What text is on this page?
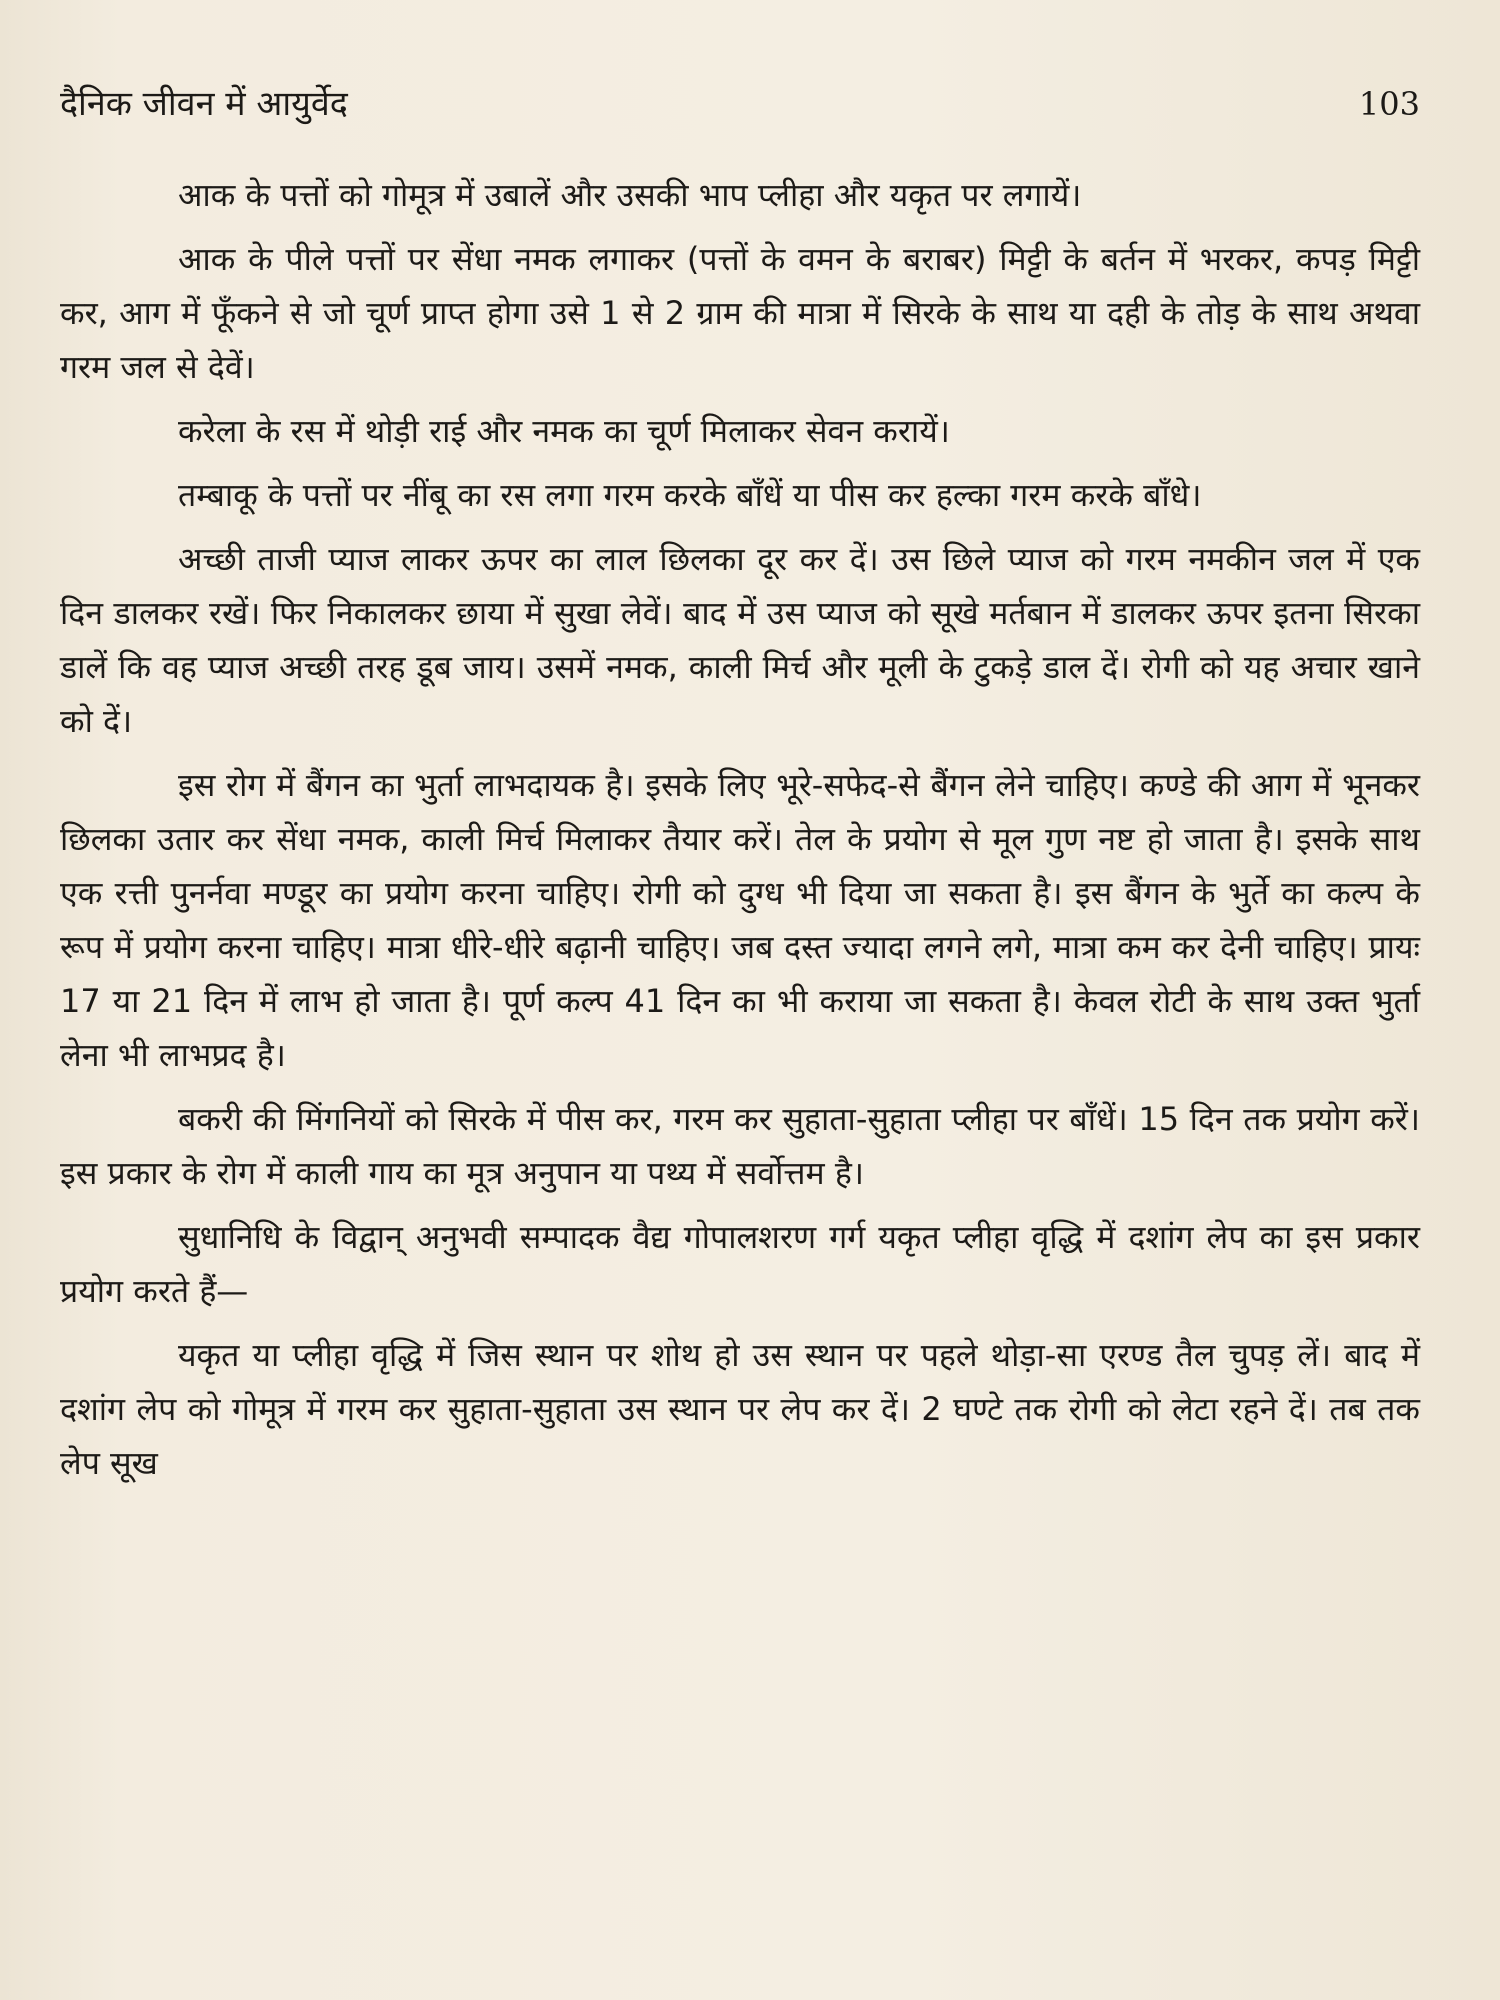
दैनिक जीवन में आयुर्वेद	103

आक के पत्तों को गोमूत्र में उबालें और उसकी भाप प्लीहा और यकृत पर लगायें।

आक के पीले पत्तों पर सेंधा नमक लगाकर (पत्तों के वमन के बराबर) मिट्टी के बर्तन में भरकर, कपड़ मिट्टी कर, आग में फूँकने से जो चूर्ण प्राप्त होगा उसे 1 से 2 ग्राम की मात्रा में सिरके के साथ या दही के तोड़ के साथ अथवा गरम जल से देवें।

करेला के रस में थोड़ी राई और नमक का चूर्ण मिलाकर सेवन करायें।

तम्बाकू के पत्तों पर नींबू का रस लगा गरम करके बाँधें या पीस कर हल्का गरम करके बाँधे।

अच्छी ताजी प्याज लाकर ऊपर का लाल छिलका दूर कर दें। उस छिले प्याज को गरम नमकीन जल में एक दिन डालकर रखें। फिर निकालकर छाया में सुखा लेवें। बाद में उस प्याज को सूखे मर्तबान में डालकर ऊपर इतना सिरका डालें कि वह प्याज अच्छी तरह डूब जाय। उसमें नमक, काली मिर्च और मूली के टुकड़े डाल दें। रोगी को यह अचार खाने को दें।

इस रोग में बैंगन का भुर्ता लाभदायक है। इसके लिए भूरे-सफेद-से बैंगन लेने चाहिए। कण्डे की आग में भूनकर छिलका उतार कर सेंधा नमक, काली मिर्च मिलाकर तैयार करें। तेल के प्रयोग से मूल गुण नष्ट हो जाता है। इसके साथ एक रत्ती पुनर्नवा मण्डूर का प्रयोग करना चाहिए। रोगी को दुग्ध भी दिया जा सकता है। इस बैंगन के भुर्ते का कल्प के रूप में प्रयोग करना चाहिए। मात्रा धीरे-धीरे बढ़ानी चाहिए। जब दस्त ज्यादा लगने लगे, मात्रा कम कर देनी चाहिए। प्रायः 17 या 21 दिन में लाभ हो जाता है। पूर्ण कल्प 41 दिन का भी कराया जा सकता है। केवल रोटी के साथ उक्त भुर्ता लेना भी लाभप्रद है।

बकरी की मिंगनियों को सिरके में पीस कर, गरम कर सुहाता-सुहाता प्लीहा पर बाँधें। 15 दिन तक प्रयोग करें। इस प्रकार के रोग में काली गाय का मूत्र अनुपान या पथ्य में सर्वोत्तम है।

सुधानिधि के विद्वान् अनुभवी सम्पादक वैद्य गोपालशरण गर्ग यकृत प्लीहा वृद्धि में दशांग लेप का इस प्रकार प्रयोग करते हैं—

यकृत या प्लीहा वृद्धि में जिस स्थान पर शोथ हो उस स्थान पर पहले थोड़ा-सा एरण्ड तैल चुपड़ लें। बाद में दशांग लेप को गोमूत्र में गरम कर सुहाता-सुहाता उस स्थान पर लेप कर दें। 2 घण्टे तक रोगी को लेटा रहने दें। तब तक लेप सूख
